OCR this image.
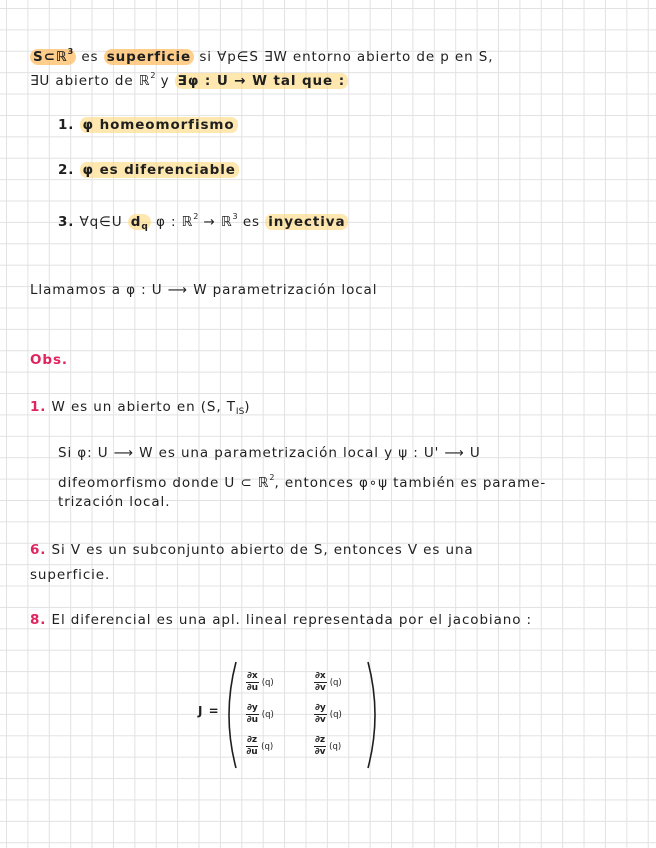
S⊂ℝ$^3$ es superficie si ∀p∈S ∃W entorno abierto de p en S,
∃U abierto de ℝ$^2$ y ∃φ : U → W tal que :
1. φ homeomorfismo
2. φ es diferenciable
3. ∀q∈U $d_q$ φ : ℝ$^2$ → ℝ$^3$ es inyectiva
Llamamos a φ : U ⟶ W parametrización local
Obs.
1. W es un abierto en (S, $T_{IS}$)
Si φ: U ⟶ W es una parametrización local y ψ : U' ⟶ U
difeomorfismo donde U ⊂ ℝ$^2$, entonces φ∘ψ también es parame-
trización local.
6. Si V es un subconjunto abierto de S, entonces V es una
superficie.
8. El diferencial es una apl. lineal representada por el jacobiano :
J =
$\frac{\partial x}{\partial u} (q)$	$\frac{\partial x}{\partial v} (q)$
$\frac{\partial y}{\partial u} (q)$	$\frac{\partial y}{\partial v} (q)$
$\frac{\partial z}{\partial u} (q)$	$\frac{\partial z}{\partial v} (q)$
